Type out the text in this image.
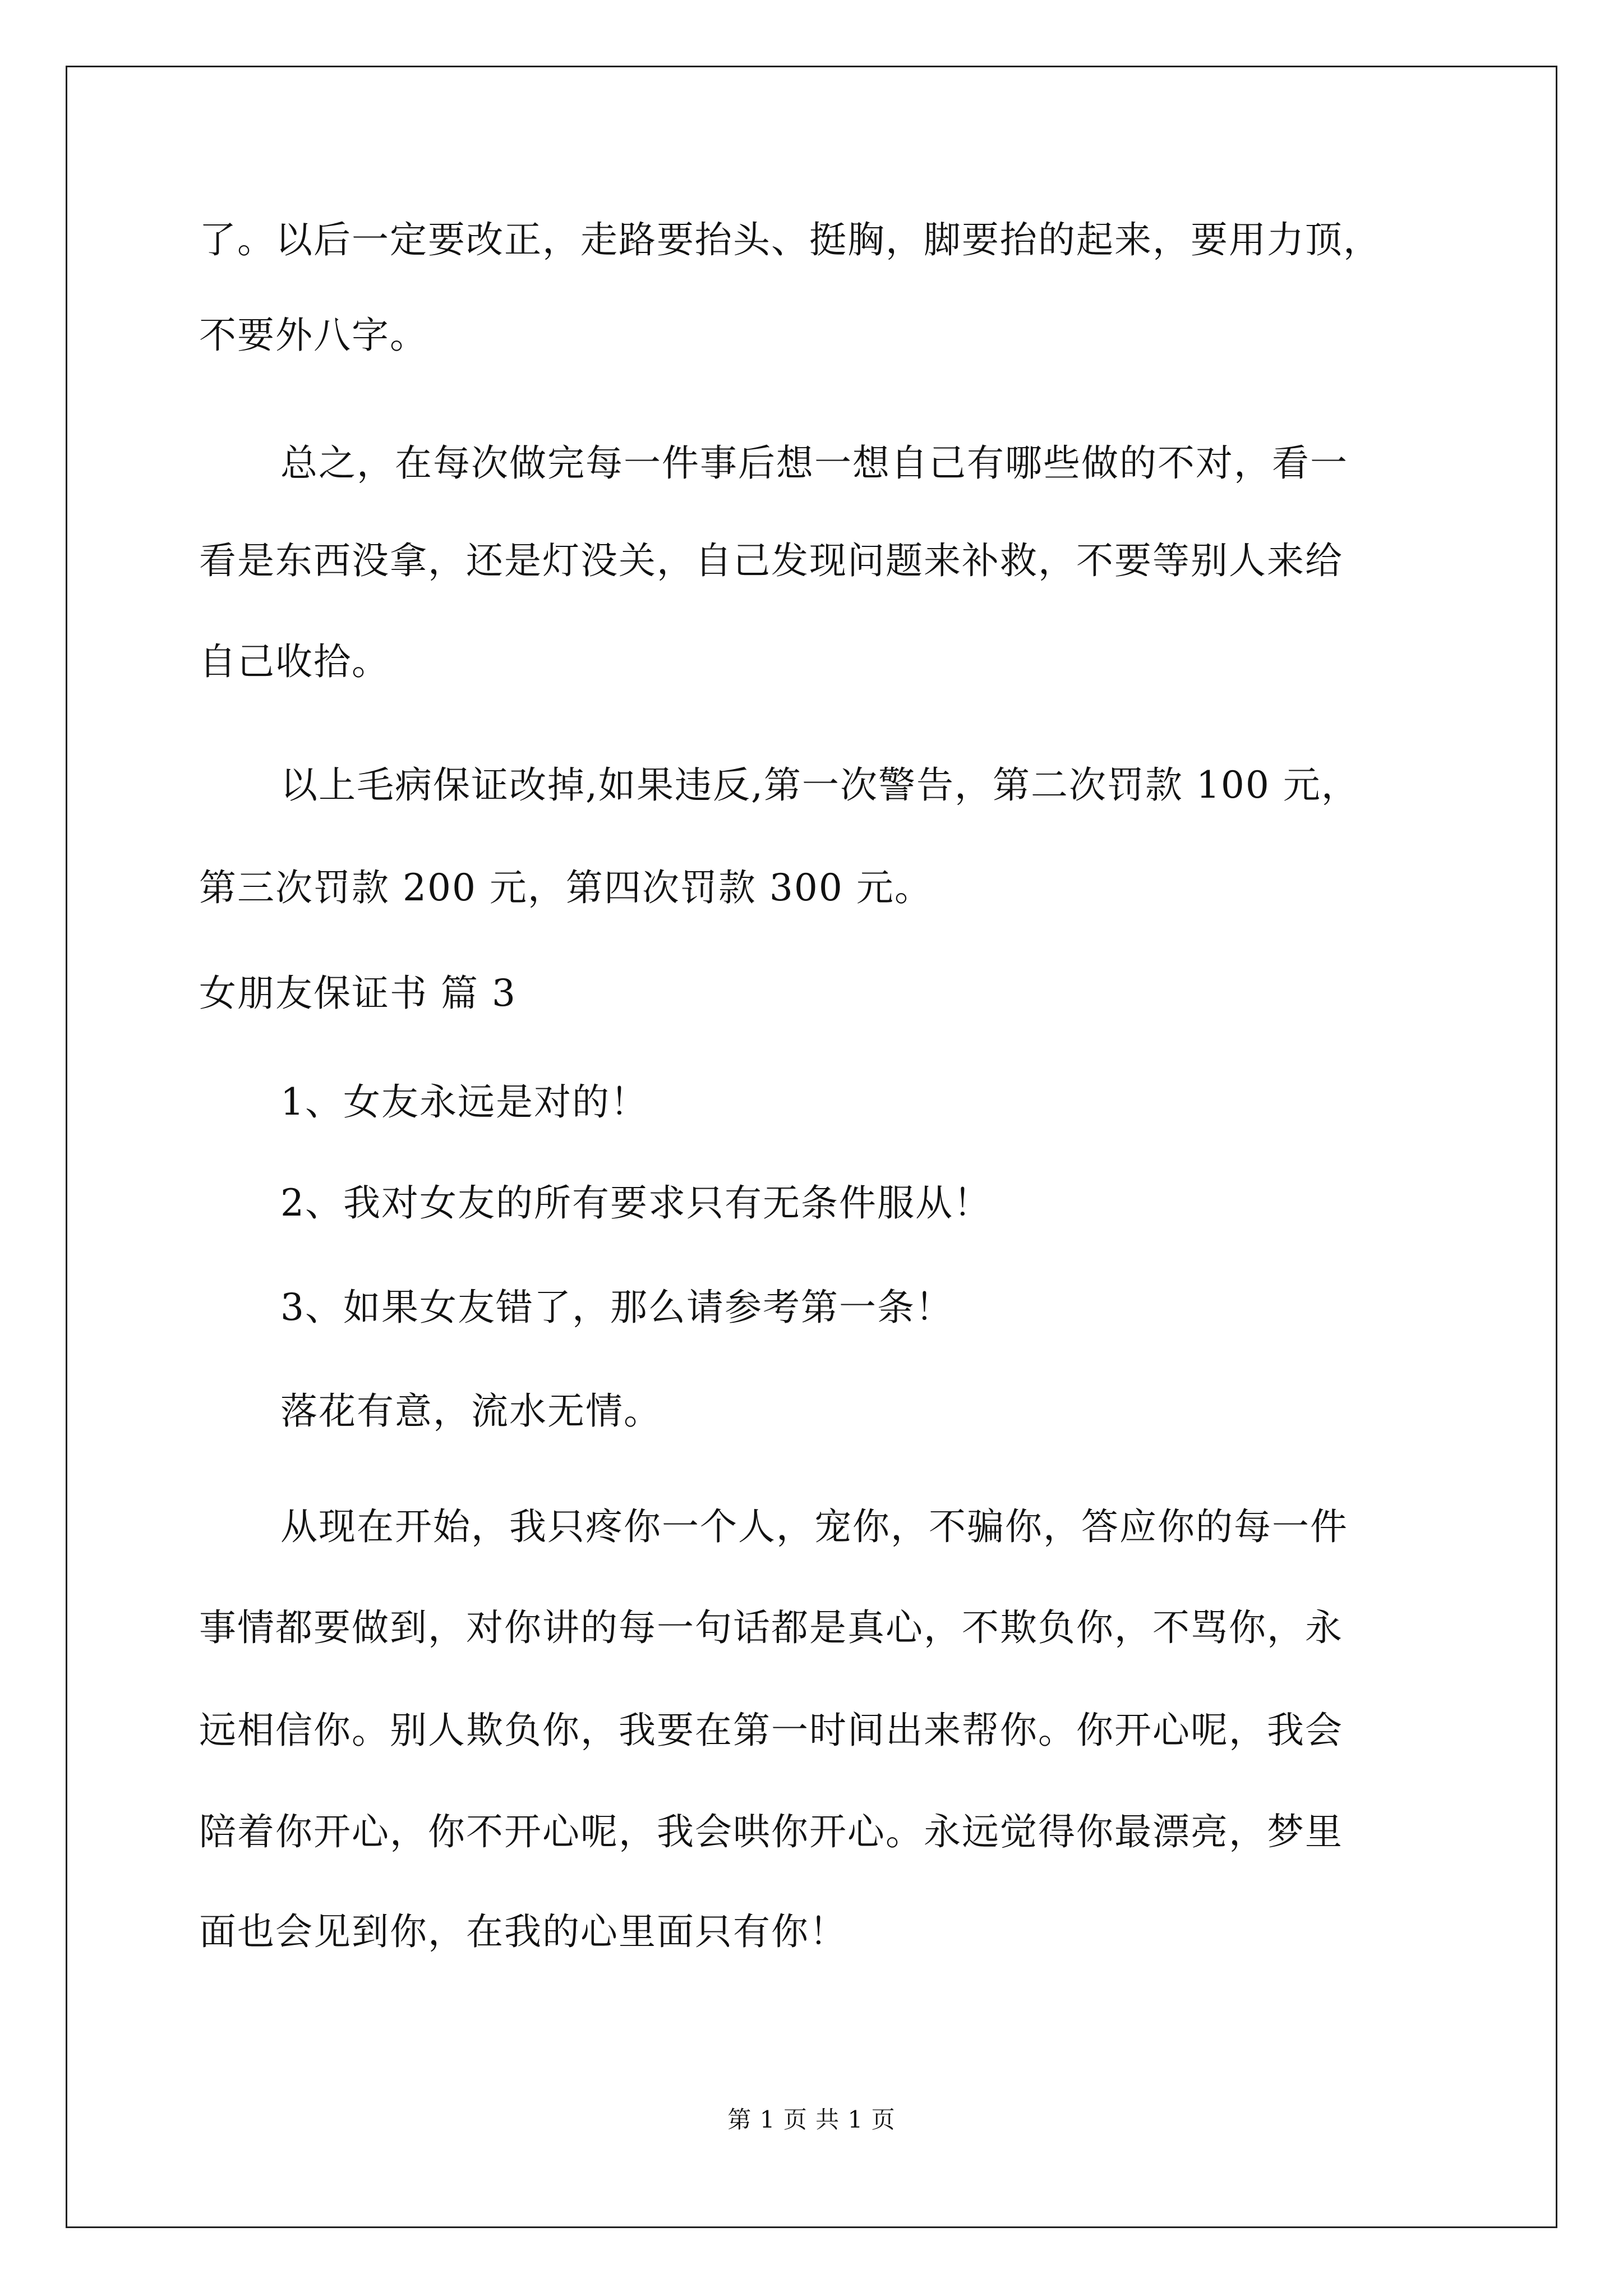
了。以后一定要改正，走路要抬头、挺胸，脚要抬的起来，要用力顶，
不要外八字。
总之，在每次做完每一件事后想一想自己有哪些做的不对，看一
看是东西没拿，还是灯没关，自己发现问题来补救，不要等别人来给
自己收拾。
以上毛病保证改掉,如果违反,第一次警告，第二次罚款 100 元，
第三次罚款 200 元，第四次罚款 300 元。
女朋友保证书 篇 3
1、女友永远是对的！
2、我对女友的所有要求只有无条件服从！
3、如果女友错了，那么请参考第一条！
落花有意，流水无情。
从现在开始，我只疼你一个人，宠你，不骗你，答应你的每一件
事情都要做到，对你讲的每一句话都是真心，不欺负你，不骂你，永
远相信你。别人欺负你，我要在第一时间出来帮你。你开心呢，我会
陪着你开心，你不开心呢，我会哄你开心。永远觉得你最漂亮，梦里
面也会见到你，在我的心里面只有你！
第 1 页 共 1 页
